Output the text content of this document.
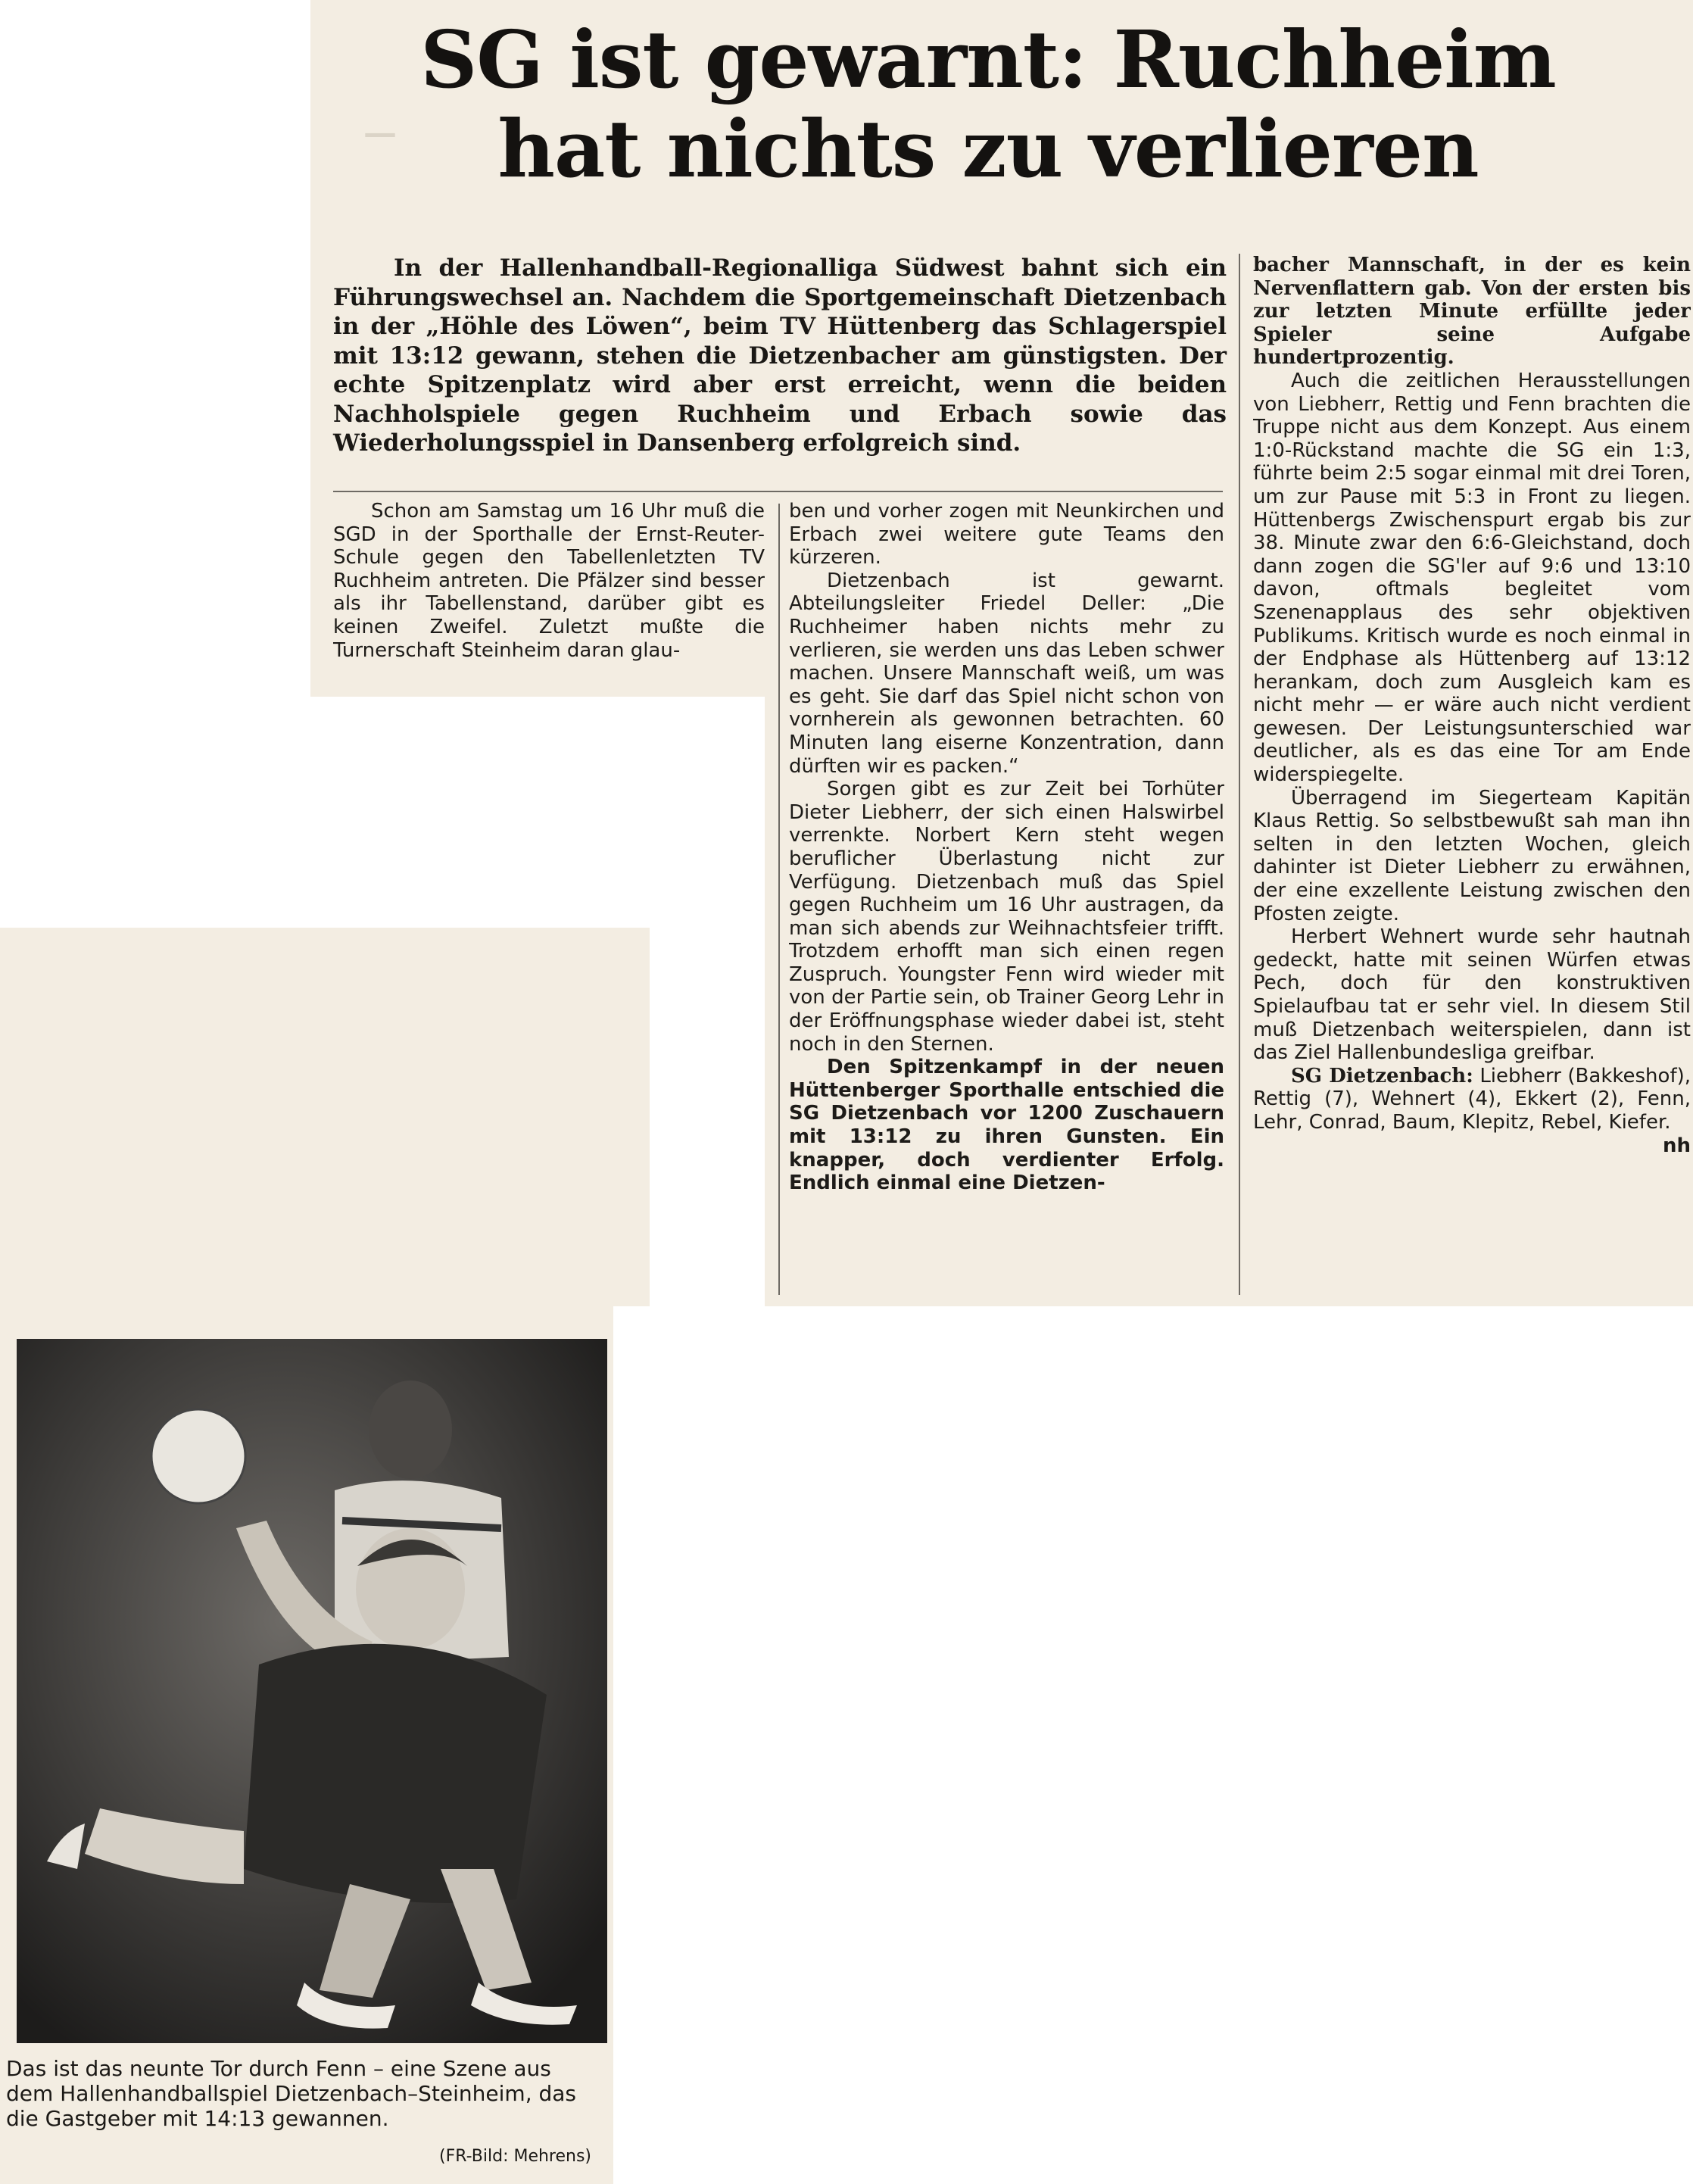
—
SG ist gewarnt: Ruchheim
hat nichts zu verlieren
In der Hallenhandball-Regionalliga Südwest bahnt sich ein Führungswechsel an. Nachdem die Sportgemeinschaft Dietzenbach in der „Höhle des Löwen“, beim TV Hüttenberg das Schlagerspiel mit 13:12 gewann, stehen die Dietzenbacher am günstigsten. Der echte Spitzenplatz wird aber erst erreicht, wenn die beiden Nachholspiele gegen Ruchheim und Erbach sowie das Wiederholungsspiel in Dansenberg erfolgreich sind.

Schon am Samstag um 16 Uhr muß die SGD in der Sporthalle der Ernst-Reuter-Schule gegen den Tabellenletzten TV Ruchheim antreten. Die Pfälzer sind besser als ihr Tabellenstand, darüber gibt es keinen Zweifel. Zuletzt mußte die Turnerschaft Steinheim daran glau-

ben und vorher zogen mit Neunkirchen und Erbach zwei weitere gute Teams den kürzeren.

Dietzenbach ist gewarnt. Abteilungsleiter Friedel Deller: „Die Ruchheimer haben nichts mehr zu verlieren, sie werden uns das Leben schwer machen. Unsere Mannschaft weiß, um was es geht. Sie darf das Spiel nicht schon von vornherein als gewonnen betrachten. 60 Minuten lang eiserne Konzentration, dann dürften wir es packen.“

Sorgen gibt es zur Zeit bei Torhüter Dieter Liebherr, der sich einen Halswirbel verrenkte. Norbert Kern steht wegen beruflicher Überlastung nicht zur Verfügung. Dietzenbach muß das Spiel gegen Ruchheim um 16 Uhr austragen, da man sich abends zur Weihnachtsfeier trifft. Trotzdem erhofft man sich einen regen Zuspruch. Youngster Fenn wird wieder mit von der Partie sein, ob Trainer Georg Lehr in der Eröffnungsphase wieder dabei ist, steht noch in den Sternen.

Den Spitzenkampf in der neuen Hüttenberger Sporthalle entschied die SG Dietzenbach vor 1200 Zuschauern mit 13:12 zu ihren Gunsten. Ein knapper, doch verdienter Erfolg. Endlich einmal eine Dietzen-

bacher Mannschaft, in der es kein Nervenflattern gab. Von der ersten bis zur letzten Minute erfüllte jeder Spieler seine Aufgabe hundertprozentig.

Auch die zeitlichen Herausstellungen von Liebherr, Rettig und Fenn brachten die Truppe nicht aus dem Konzept. Aus einem 1:0-Rückstand machte die SG ein 1:3, führte beim 2:5 sogar einmal mit drei Toren, um zur Pause mit 5:3 in Front zu liegen. Hüttenbergs Zwischenspurt ergab bis zur 38. Minute zwar den 6:6-Gleichstand, doch dann zogen die SG'ler auf 9:6 und 13:10 davon, oftmals begleitet vom Szenenapplaus des sehr objektiven Publikums. Kritisch wurde es noch einmal in der Endphase als Hüttenberg auf 13:12 herankam, doch zum Ausgleich kam es nicht mehr — er wäre auch nicht verdient gewesen. Der Leistungsunterschied war deutlicher, als es das eine Tor am Ende widerspiegelte.

Überragend im Siegerteam Kapitän Klaus Rettig. So selbstbewußt sah man ihn selten in den letzten Wochen, gleich dahinter ist Dieter Liebherr zu erwähnen, der eine exzellente Leistung zwischen den Pfosten zeigte.

Herbert Wehnert wurde sehr hautnah gedeckt, hatte mit seinen Würfen etwas Pech, doch für den konstruktiven Spielaufbau tat er sehr viel. In diesem Stil muß Dietzenbach weiterspielen, dann ist das Ziel Hallenbundesliga greifbar.

SG Dietzenbach: Liebherr (Bakkeshof), Rettig (7), Wehnert (4), Ekkert (2), Fenn, Lehr, Conrad, Baum, Klepitz, Rebel, Kiefer.
nh

Das ist das neunte Tor durch Fenn – eine Szene aus dem Hallenhandballspiel Dietzenbach–Steinheim, das die Gastgeber mit 14:13 gewannen.
(FR-Bild: Mehrens)
